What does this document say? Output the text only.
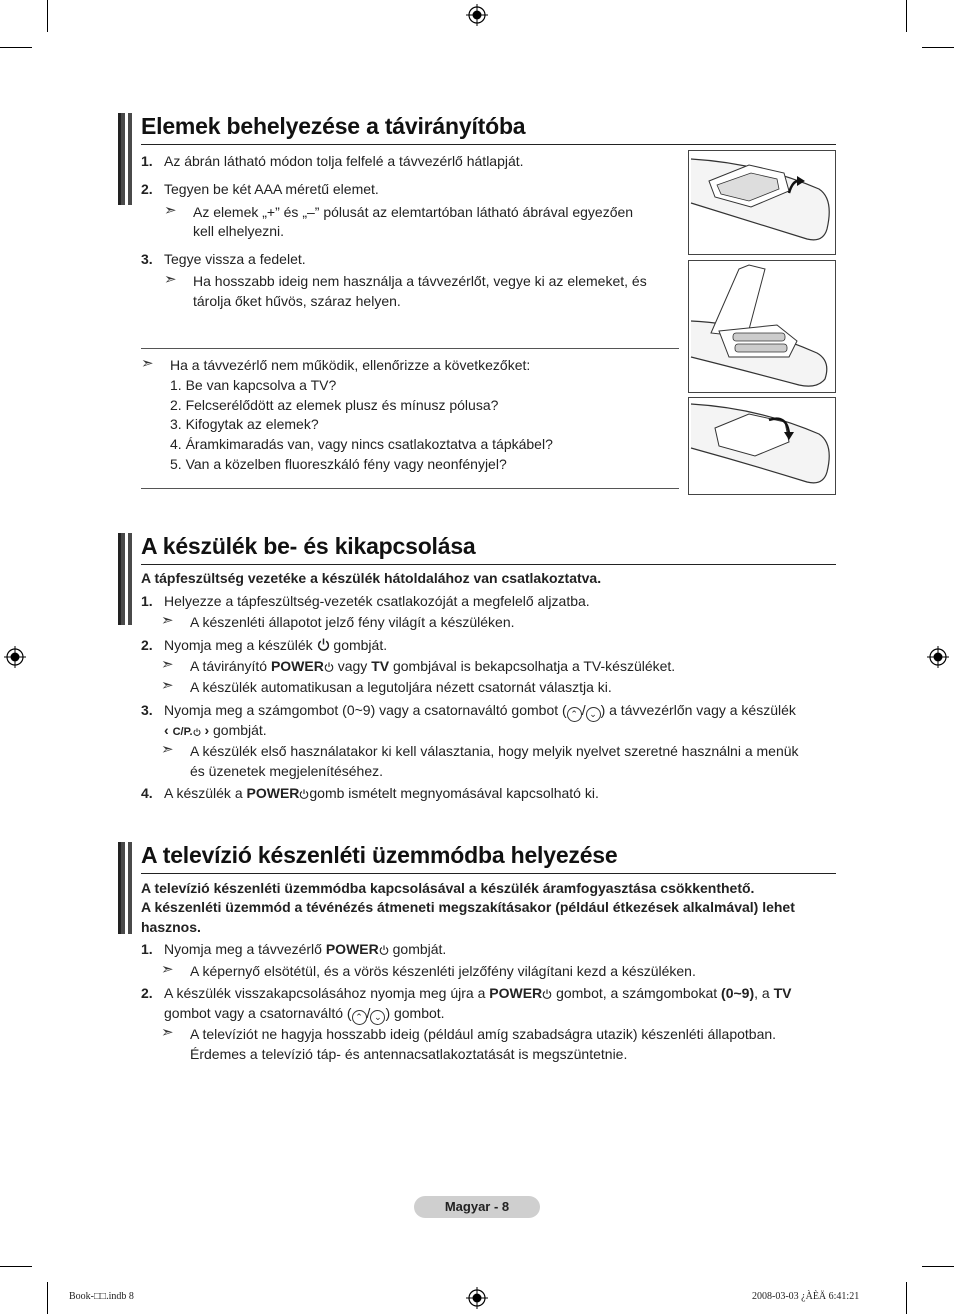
Elemek behelyezése a távirányítóba
1. Az ábrán látható módon tolja felfelé a távvezérlő hátlapját.
2. Tegyen be két AAA méretű elemet.
➣ Az elemek „+” és „–” pólusát az elemtartóban látható ábrával egyezően
kell elhelyezni.
3. Tegye vissza a fedelet.
➣ Ha hosszabb ideig nem használja a távvezérlőt, vegye ki az elemeket, és
tárolja őket hűvös, száraz helyen.
➣ Ha a távvezérlő nem működik, ellenőrizze a következőket:
1. Be van kapcsolva a TV?
2. Felcserélődött az elemek plusz és mínusz pólusa?
3. Kifogytak az elemek?
4. Áramkimaradás van, vagy nincs csatlakoztatva a tápkábel?
5. Van a közelben fluoreszkáló fény vagy neonfényjel?
A készülék be- és kikapcsolása
A tápfeszültség vezetéke a készülék hátoldalához van csatlakoztatva.
1. Helyezze a tápfeszültség-vezeték csatlakozóját a megfelelő aljzatba.
➣ A készenléti állapotot jelző fény világít a készüléken.
2. Nyomja meg a készülék gombját.
➣ A távirányító POWER vagy TV gombjával is bekapcsolhatja a TV-készüléket.
➣ A készülék automatikusan a legutoljára nézett csatornát választja ki.
3. Nyomja meg a számgombot (0~9) vagy a csatornaváltó gombot ( ⌃ / ⌄ ) a távvezérlőn vagy a készülék
‹ C/P. › gombját.
➣ A készülék első használatakor ki kell választania, hogy melyik nyelvet szeretné használni a menük
és üzenetek megjelenítéséhez.
4. A készülék a POWER gomb ismételt megnyomásával kapcsolható ki.
A televízió készenléti üzemmódba helyezése
A televízió készenléti üzemmódba kapcsolásával a készülék áramfogyasztása csökkenthető.
A készenléti üzemmód a tévénézés átmeneti megszakításakor (például étkezések alkalmával) lehet
hasznos.
1. Nyomja meg a távvezérlő POWER gombját.
➣ A képernyő elsötétül, és a vörös készenléti jelzőfény világítani kezd a készüléken.
2. A készülék visszakapcsolásához nyomja meg újra a POWER gombot, a számgombokat (0~9), a TV
gombot vagy a csatornaváltó ( ⌃ / ⌄ ) gombot.
➣ A televíziót ne hagyja hosszabb ideig (például amíg szabadságra utazik) készenléti állapotban.
Érdemes a televízió táp- és antennacsatlakoztatását is megszüntetnie.
Magyar - 8
Book-□□.indb 8	2008-03-03 ¿ÀÈÄ 6:41:21
